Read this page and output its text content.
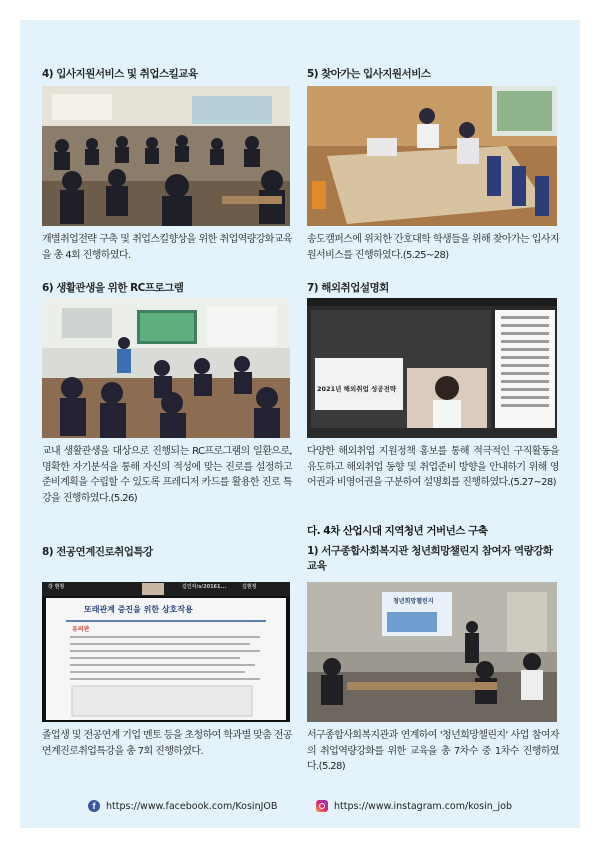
4) 입사지원서비스 및 취업스킬교육
개별취업전략 구축 및 취업스킬향상을 위한 취업역량강화교육을 총 4회 진행하였다.
5) 찾아가는 입사지원서비스
송도캠퍼스에 위치한 간호대학 학생들을 위해 찾아가는 입사지원서비스를 진행하였다.(5.25~28)
6) 생활관생을 위한 RC프로그램
교내 생활관생을 대상으로 진행되는 RC프로그램의 일환으로, 명확한 자기분석을 통해 자신의 적성에 맞는 진로를 설정하고 준비계획을 수립할 수 있도록 프레디저 카드를 활용한 진로 특강을 진행하였다.(5.26)
7) 해외취업설명회
2021년 해외취업 성공전략
다양한 해외취업 지원정책 홍보를 통해 적극적인 구직활동을 유도하고 해외취업 동향 및 취업준비 방향을 안내하기 위해 영어권과 비영어권을 구분하여 설명회를 진행하였다.(5.27~28)
다. 4차 산업시대 지역청년 거버넌스 구축
8) 전공연계진로취업특강
강 현정	김인자/s/20161...	김현정
또래관계 증진을 위한 상호작용
유의판
졸업생 및 전공연계 기업 멘토 등을 초청하여 학과별 맞춤 전공연계진로취업특강을 총 7회 진행하였다.
1) 서구종합사회복지관 청년희망챌린지 참여자 역량강화교육
청년희망챌린지
서구종합사회복지관과 연계하여 '청년희망챌린지' 사업 참여자의 취업역량강화를 위한 교육을 총 7차수 중 1차수 진행하였다.(5.28)
f	https://www.facebook.com/KosinJOB	https://www.instagram.com/kosin_job
